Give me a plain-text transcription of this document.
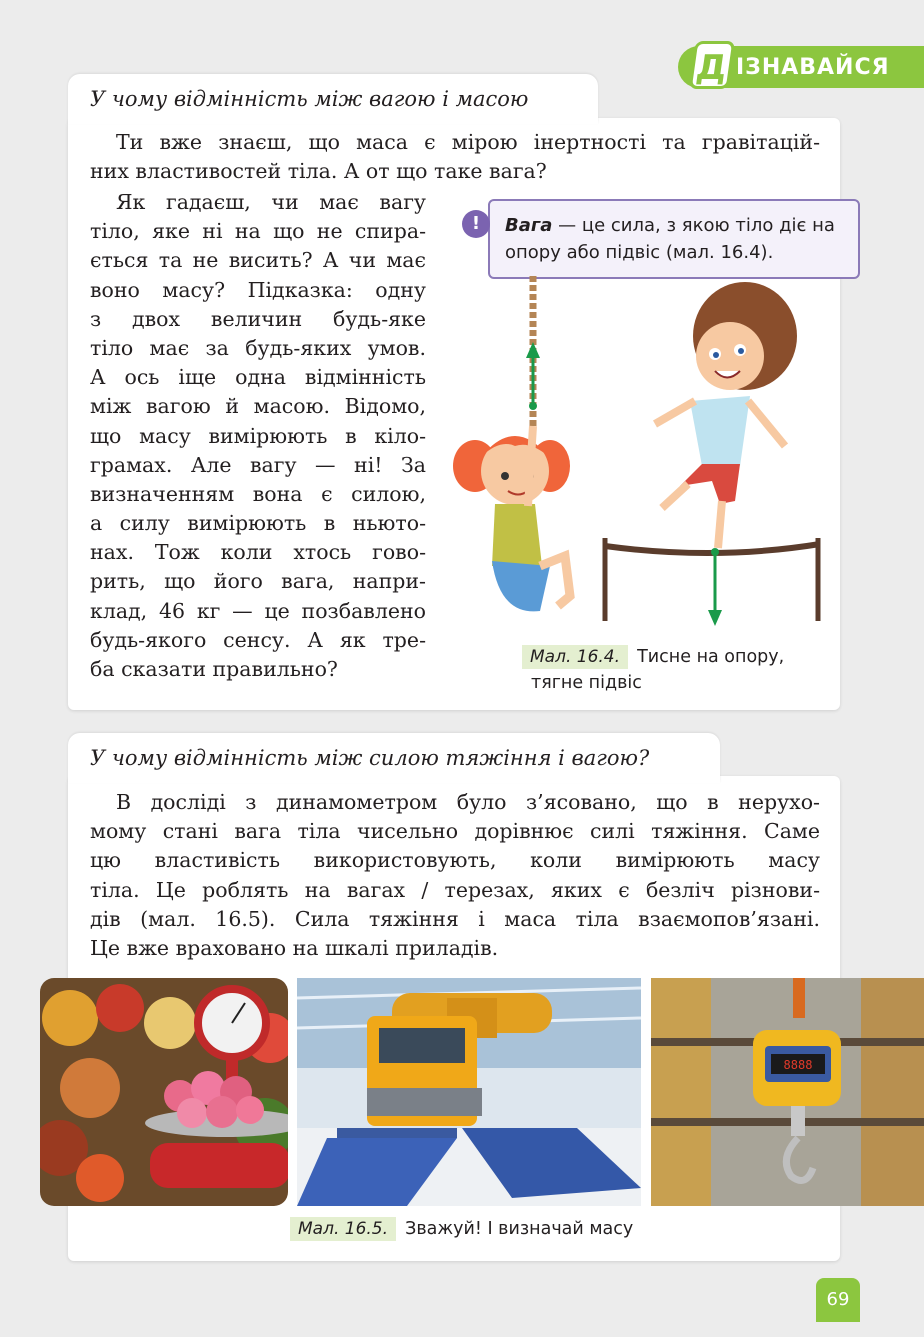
Д ІЗНАВАЙСЯ
У чому відмінність між вагою і масою
Ти вже знаєш, що маса є мірою інертності та гравітацій-
них властивостей тіла. А от що таке вага?
Як гадаєш, чи має вагу
тіло, яке ні на що не спира-
ється та не висить? А чи має
воно масу? Підказка: одну
з двох величин будь-яке
тіло має за будь-яких умов.
А ось іще одна відмінність
між вагою й масою. Відомо,
що масу вимірюють в кіло-
грамах. Але вагу — ні! За
визначенням вона є силою,
а силу вимірюють в ньюто-
нах. Тож коли хтось гово-
рить, що його вага, напри-
клад, 46 кг — це позбавлено
будь-якого сенсу. А як тре-
ба сказати правильно?
!	Вага — це сила, з якою тіло діє на опору або підвіс (мал. 16.4).
Мал. 16.4. Тисне на опору,
тягне підвіс
У чому відмінність між силою тяжіння і вагою?
В досліді з динамометром було з’ясовано, що в нерухо-
мому стані вага тіла чисельно дорівнює силі тяжіння. Саме
цю властивість використовують, коли вимірюють масу
тіла. Це роблять на вагах / терезах, яких є безліч різнови-
дів (мал. 16.5). Сила тяжіння і маса тіла взаємопов’язані.
Це вже враховано на шкалі приладів.
8888
Мал. 16.5. Зважуй! І визначай масу
69
